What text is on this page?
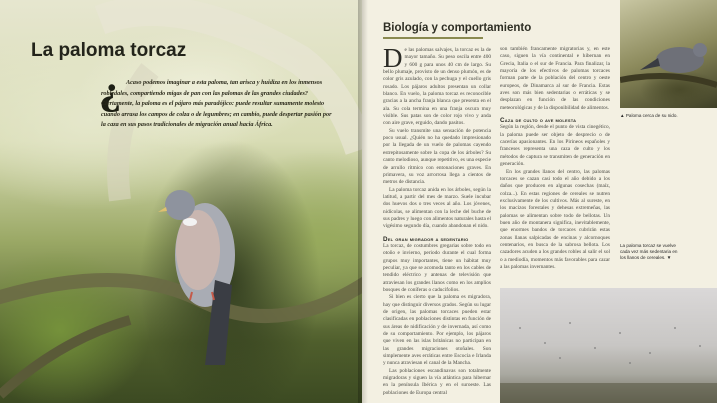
La paloma torcaz
¿ Acaso podemos imaginar a esta paloma, tan arisca y huidiza en los inmensos robledales, compartiendo migas de pan con las palomas de las grandes ciudades? Ciertamente, la paloma es el pájaro más paradójico: puede resultar sumamente molesto cuando arrasa los campos de colza o de legumbres; en cambio, puede despertar pasión por la caza en sus pasos tradicionales de migración anual hacia África.
Biología y comportamiento

De las palomas salvajes, la torcaz es la de mayor tamaño. Su peso oscila entre 400 y 600 g para unos 40 cm de largo. Su bello plumaje, provisto de un denso plumón, es de color gris azulado, con la pechuga y el cuello gris rosado. Los pájaros adultos presentan un collar blanco. En vuelo, la paloma torcaz es reconocible gracias a la ancha franja blanca que presenta en el ala. Su cola termina en una franja oscura muy visible. Sus patas son de color rojo vivo y anda con aire grave, erguido, dando pasitos.

Su vuelo transmite una sensación de potencia poco usual. ¿Quién no ha quedado impresionado por la llegada de un vuelo de palomas cayendo estrepitosamente sobre la copa de los árboles? Su canto melodioso, aunque repetitivo, es una especie de arrullo rítmico con entonaciones graves. En primavera, su voz arrorrosa llega a cientos de metros de distancia.

La paloma torcaz anida en los árboles, según la latitud, a partir del mes de marzo. Suele incubar dos huevos dos o tres veces al año. Los jóvenes, nidícolas, se alimentan con la leche del buche de sus padres y luego con alimentos naturales hasta el vigésimo segundo día, cuando abandonan el nido.

Del gran migrador a sedentario

La torcaz, de costumbres gregarias sobre todo en otoño e invierno, periodo durante el cual forma grupos muy importantes, tiene un hábitat muy peculiar, ya que se acomoda tanto en los cables de tendido eléctrico y antenas de televisión que atraviesan los grandes llanos como en los amplios bosques de coníferas o caducifolios.

Si bien es cierto que la paloma es migradora, hay que distinguir diversos grados. Según su lugar de origen, las palomas torcaces pueden estar clasificadas en poblaciones distintas en función de sus áreas de nidificación y de invernada, así como de su comportamiento. Por ejemplo, los pájaros que viven en las islas británicas no participan en las grandes migraciones otoñales. Son simplemente aves erráticas entre Escocia e Irlanda y nunca atraviesan el canal de la Mancha.

Las poblaciones escandinavas son totalmente migradoras y siguen la vía atlántica para hibernar en la península Ibérica y en el suroeste. Las poblaciones de Europa central

son también francamente migratorias y, en este caso, siguen la vía continental e hibernan en Grecia, Italia o el sur de Francia. Para finalizar, la mayoría de los efectivos de palomas torcaces forman parte de la población del centro y oeste europeos, de Dinamarca al sur de Francia. Estas aves son más bien sedentarias o erráticas y se desplazan en función de las condiciones meteorológicas y de la disponibilidad de alimentos.

Caza de culto o ave molesta

Según la región, desde el punto de vista cinegético, la paloma puede ser objeto de desprecio o de cacerías apasionantes. En los Pirineos españoles y franceses representa una caza de culto y los métodos de captura se transmiten de generación en generación.

En los grandes llanos del centro, las palomas torcaces se cazan casi todo el año debido a los daños que producen en algunas cosechas (maíz, colza...). En estas regiones de cereales se nutren exclusivamente de los cultivos. Más al sureste, en los macizos forestales y dehesas extremeñas, las palomas se alimentan sobre todo de bellotas. Un buen año de montanera significa, inevitablemente, que enormes bandos de torcaces cubrirán estas zonas llanas salpicadas de encinas y alcornoques centenarios, en busca de la sabrosa bellota. Los cazadores acuden a los grandes robles al salir el sol o a mediodía, momentos más favorables para cazar a las palomas invernantes.

▲ Paloma cerca de su nido.
La paloma torcaz se vuelve cada vez más sedentaria en los llanos de cereales. ▼
